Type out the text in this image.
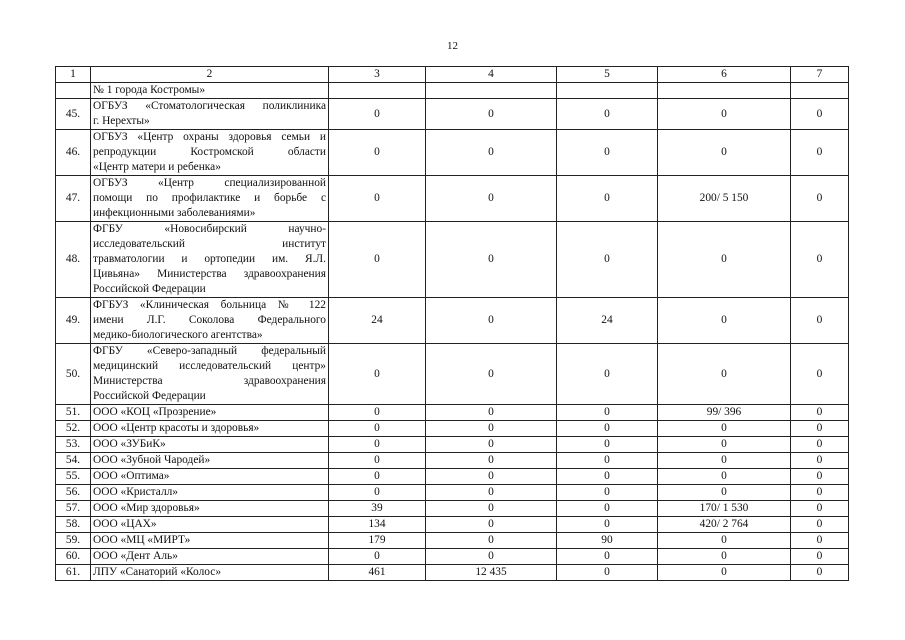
12
1	2	3	4	5	6	7
	№ 1 города Костромы»					
45.	ОГБУЗ «Стоматологическая поликлиника
г. Нерехты»	0	0	0	0	0
46.	ОГБУЗ «Центр охраны здоровья семьи и
репродукции Костромской области
«Центр матери и ребенка»	0	0	0	0	0
47.	ОГБУЗ «Центр специализированной
помощи по профилактике и борьбе с
инфекционными заболеваниями»	0	0	0	200/ 5 150	0
48.	ФГБУ «Новосибирский научно-
исследовательский институт
травматологии и ортопедии им. Я.Л.
Цивьяна» Министерства здравоохранения
Российской Федерации	0	0	0	0	0
49.	ФГБУЗ «Клиническая больница № 122
имени Л.Г. Соколова Федерального
медико-биологического агентства»	24	0	24	0	0
50.	ФГБУ «Северо-западный федеральный
медицинский исследовательский центр»
Министерства здравоохранения
Российской Федерации	0	0	0	0	0
51.	ООО «КОЦ «Прозрение»	0	0	0	99/ 396	0
52.	ООО «Центр красоты и здоровья»	0	0	0	0	0
53.	ООО «ЗУБиК»	0	0	0	0	0
54.	ООО «Зубной Чародей»	0	0	0	0	0
55.	ООО «Оптима»	0	0	0	0	0
56.	ООО «Кристалл»	0	0	0	0	0
57.	ООО «Мир здоровья»	39	0	0	170/ 1 530	0
58.	ООО «ЦАХ»	134	0	0	420/ 2 764	0
59.	ООО «МЦ «МИРТ»	179	0	90	0	0
60.	ООО «Дент Аль»	0	0	0	0	0
61.	ЛПУ «Санаторий «Колос»	461	12 435	0	0	0
